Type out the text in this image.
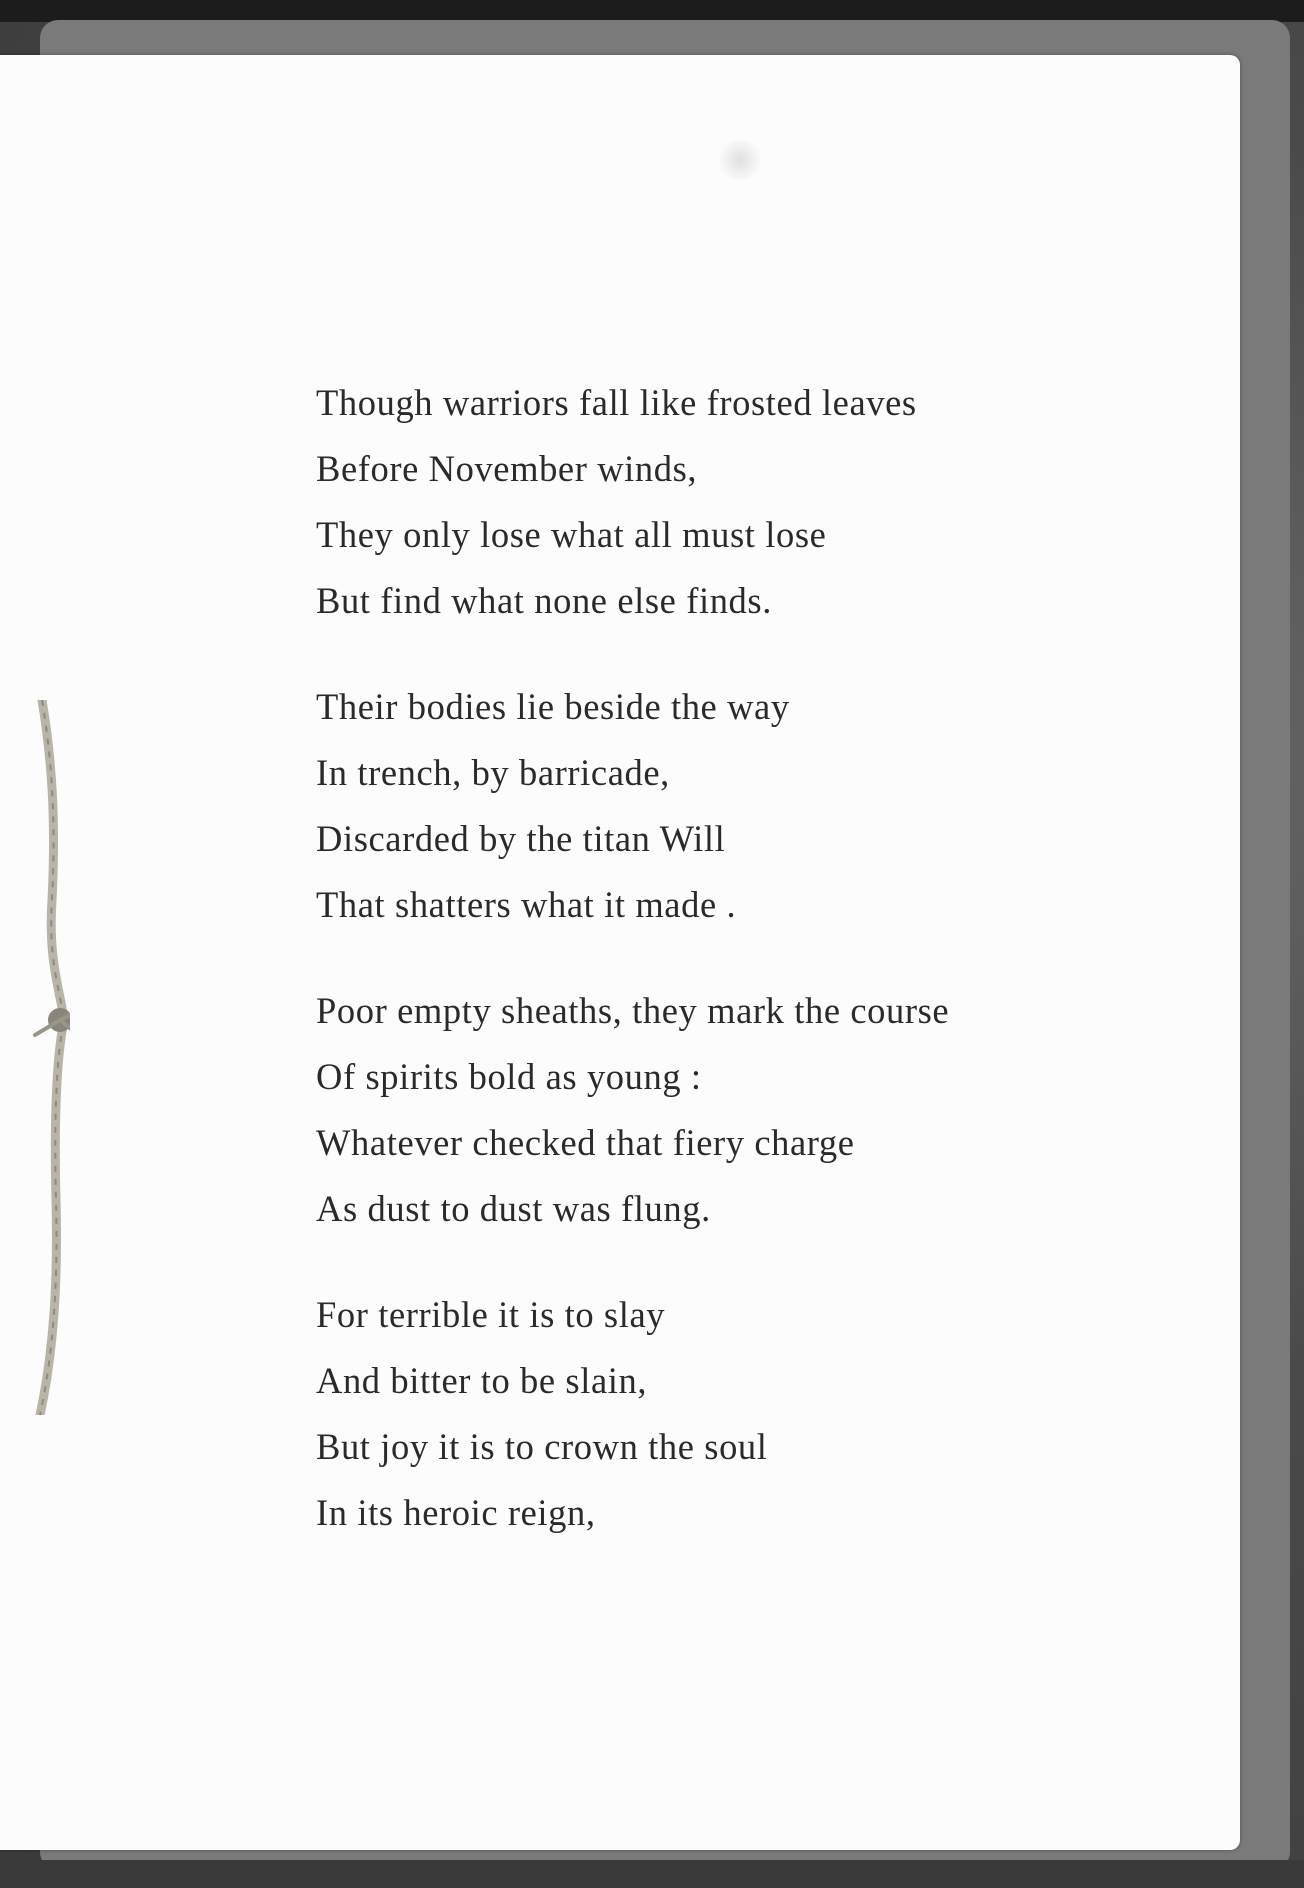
Though warriors fall like frosted leaves
Before November winds,
They only lose what all must lose
But find what none else finds.
Their bodies lie beside the way
In trench, by barricade,
Discarded by the titan Will
That shatters what it made .
Poor empty sheaths, they mark the course
Of spirits bold as young :
Whatever checked that fiery charge
As dust to dust was flung.
For terrible it is to slay
And bitter to be slain,
But joy it is to crown the soul
In its heroic reign,
